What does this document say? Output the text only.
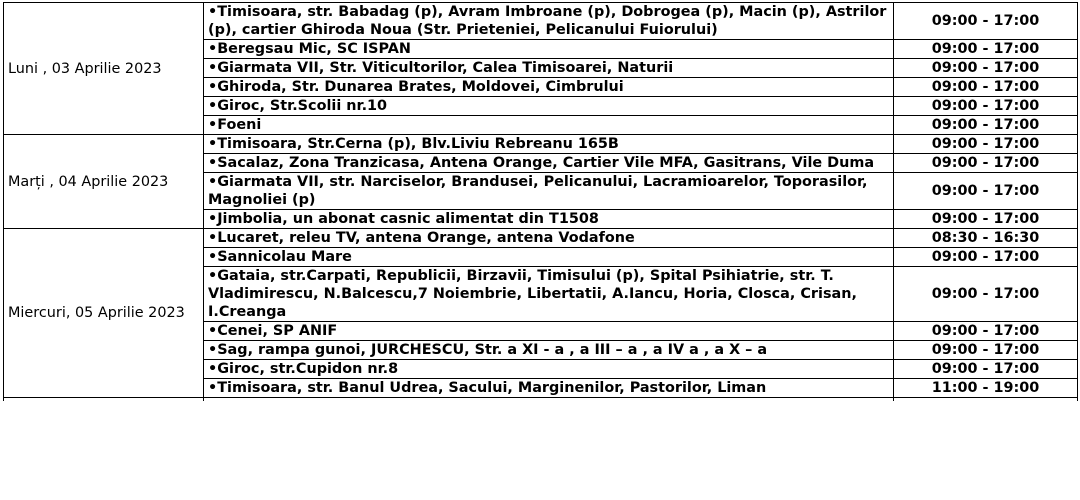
Luni , 03 Aprilie 2023	•Timisoara, str. Babadag (p), Avram Imbroane (p), Dobrogea (p), Macin (p), Astrilor (p), cartier Ghiroda Noua (Str. Prieteniei, Pelicanului Fuiorului)	09:00 - 17:00
	•Beregsau Mic, SC ISPAN	09:00 - 17:00
	•Giarmata VII, Str. Viticultorilor, Calea Timisoarei, Naturii	09:00 - 17:00
	•Ghiroda, Str. Dunarea Brates, Moldovei, Cimbrului	09:00 - 17:00
	•Giroc, Str.Scolii nr.10	09:00 - 17:00
	•Foeni	09:00 - 17:00
Marți , 04 Aprilie 2023	•Timisoara, Str.Cerna (p), Blv.Liviu Rebreanu 165B	09:00 - 17:00
	•Sacalaz, Zona Tranzicasa, Antena Orange, Cartier Vile MFA, Gasitrans, Vile Duma	09:00 - 17:00
	•Giarmata VII, str. Narciselor, Brandusei, Pelicanului, Lacramioarelor, Toporasilor, Magnoliei (p)	09:00 - 17:00
	•Jimbolia, un abonat casnic alimentat din T1508	09:00 - 17:00
Miercuri, 05 Aprilie 2023	•Lucaret, releu TV, antena Orange, antena Vodafone	08:30 - 16:30
	•Sannicolau Mare	09:00 - 17:00
	•Gataia, str.Carpati, Republicii, Birzavii, Timisului (p), Spital Psihiatrie, str. T. Vladimirescu, N.Balcescu,7 Noiembrie, Libertatii, A.Iancu, Horia, Closca, Crisan, I.Creanga	09:00 - 17:00
	•Cenei, SP ANIF	09:00 - 17:00
	•Sag, rampa gunoi, JURCHESCU, Str. a XI - a , a III – a , a IV a , a X – a	09:00 - 17:00
	•Giroc, str.Cupidon nr.8	09:00 - 17:00
	•Timisoara, str. Banul Udrea, Sacului, Marginenilor, Pastorilor, Liman	11:00 - 19:00
